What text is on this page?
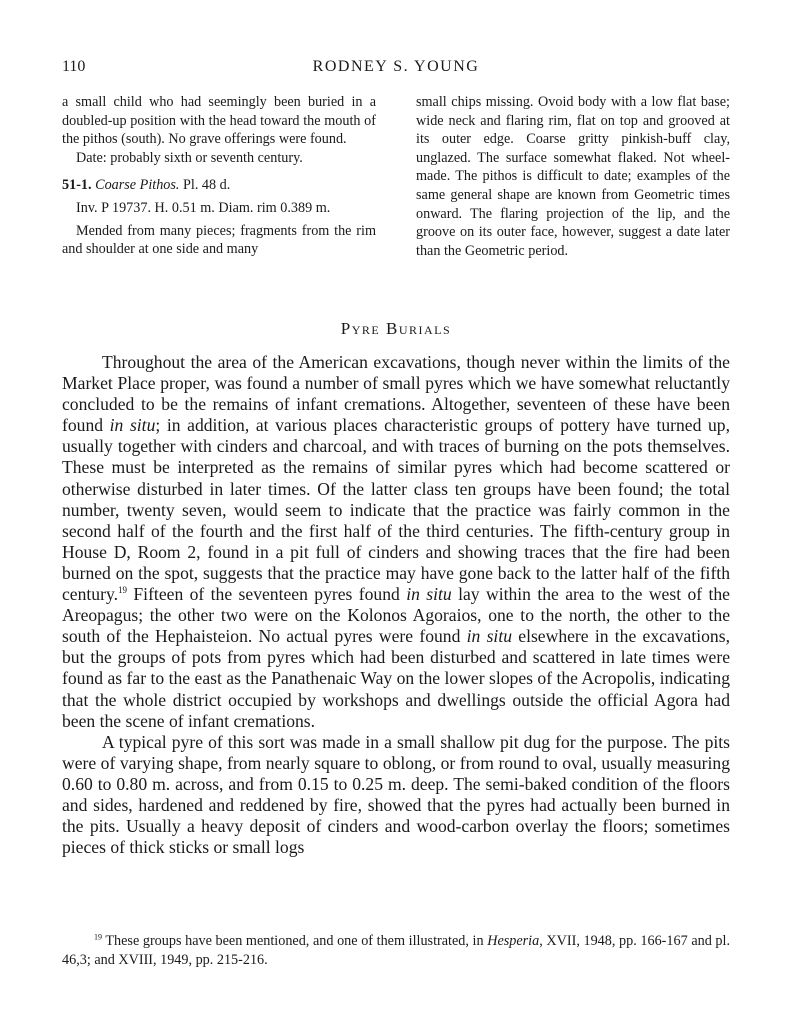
110	RODNEY S. YOUNG

a small child who had seemingly been buried in a doubled-up position with the head toward the mouth of the pithos (south). No grave offerings were found.

Date: probably sixth or seventh century.

51-1. Coarse Pithos. Pl. 48 d.

Inv. P 19737. H. 0.51 m. Diam. rim 0.389 m.

Mended from many pieces; fragments from the rim and shoulder at one side and many

small chips missing. Ovoid body with a low flat base; wide neck and flaring rim, flat on top and grooved at its outer edge. Coarse gritty pinkish-buff clay, unglazed. The surface somewhat flaked. Not wheel-made. The pithos is difficult to date; examples of the same general shape are known from Geometric times onward. The flaring projection of the lip, and the groove on its outer face, however, suggest a date later than the Geometric period.

Pyre Burials

Throughout the area of the American excavations, though never within the limits of the Market Place proper, was found a number of small pyres which we have somewhat reluctantly concluded to be the remains of infant cremations. Altogether, seventeen of these have been found in situ; in addition, at various places characteristic groups of pottery have turned up, usually together with cinders and charcoal, and with traces of burning on the pots themselves. These must be interpreted as the remains of similar pyres which had become scattered or otherwise disturbed in later times. Of the latter class ten groups have been found; the total number, twenty seven, would seem to indicate that the practice was fairly common in the second half of the fourth and the first half of the third centuries. The fifth-century group in House D, Room 2, found in a pit full of cinders and showing traces that the fire had been burned on the spot, suggests that the practice may have gone back to the latter half of the fifth century.$^{19}$ Fifteen of the seventeen pyres found in situ lay within the area to the west of the Areopagus; the other two were on the Kolonos Agoraios, one to the north, the other to the south of the Hephaisteion. No actual pyres were found in situ elsewhere in the excavations, but the groups of pots from pyres which had been disturbed and scattered in late times were found as far to the east as the Panathenaic Way on the lower slopes of the Acropolis, indicating that the whole district occupied by workshops and dwellings outside the official Agora had been the scene of infant cremations.

A typical pyre of this sort was made in a small shallow pit dug for the purpose. The pits were of varying shape, from nearly square to oblong, or from round to oval, usually measuring 0.60 to 0.80 m. across, and from 0.15 to 0.25 m. deep. The semi-baked condition of the floors and sides, hardened and reddened by fire, showed that the pyres had actually been burned in the pits. Usually a heavy deposit of cinders and wood-carbon overlay the floors; sometimes pieces of thick sticks or small logs

$^{19}$ These groups have been mentioned, and one of them illustrated, in Hesperia, XVII, 1948, pp. 166-167 and pl. 46,3; and XVIII, 1949, pp. 215-216.
